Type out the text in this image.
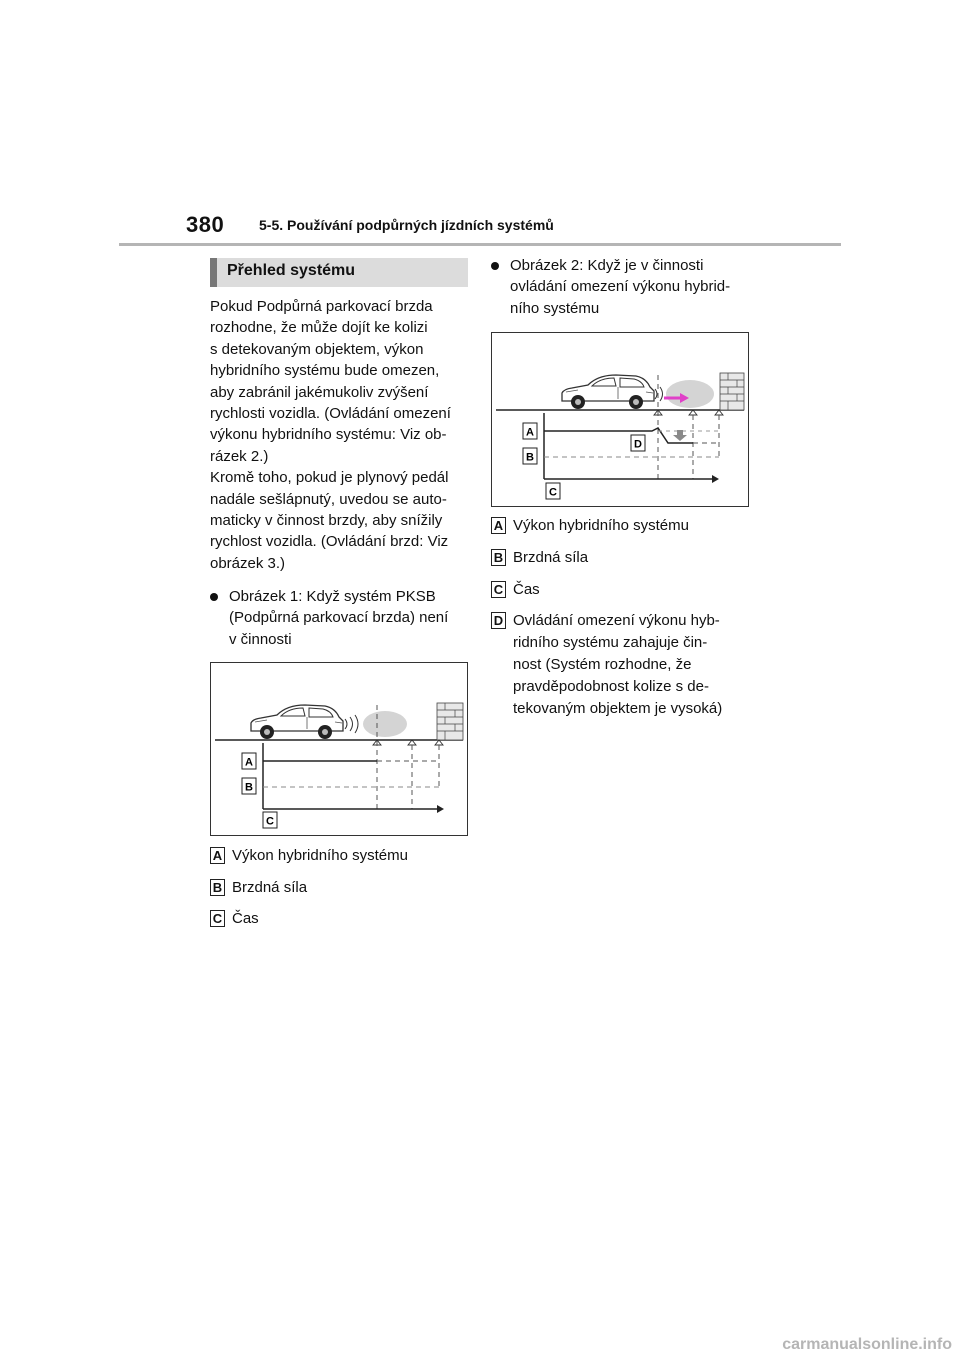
380 5-5. Používání podpůrných jízdních systémů
Přehled systému
Pokud Podpůrná parkovací brzda
rozhodne, že může dojít ke kolizi
s detekovaným objektem, výkon
hybridního systému bude omezen,
aby zabránil jakémukoliv zvýšení
rychlosti vozidla. (Ovládání omezení
výkonu hybridního systému: Viz ob-
rázek 2.)
Kromě toho, pokud je plynový pedál
nadále sešlápnutý, uvedou se auto-
maticky v činnost brzdy, aby snížily
rychlost vozidla. (Ovládání brzd: Viz
obrázek 3.)
Obrázek 1: Když systém PKSB
(Podpůrná parkovací brzda) není
v činnosti
A
B
C
A Výkon hybridního systému
B Brzdná síla
C Čas
Obrázek 2: Když je v činnosti
ovládání omezení výkonu hybrid-
ního systému
A
B
D
C
A Výkon hybridního systému
B Brzdná síla
C Čas
D Ovládání omezení výkonu hyb-
ridního systému zahajuje čin-
nost (Systém rozhodne, že
pravděpodobnost kolize s de-
tekovaným objektem je vysoká)
carmanualsonline.info
